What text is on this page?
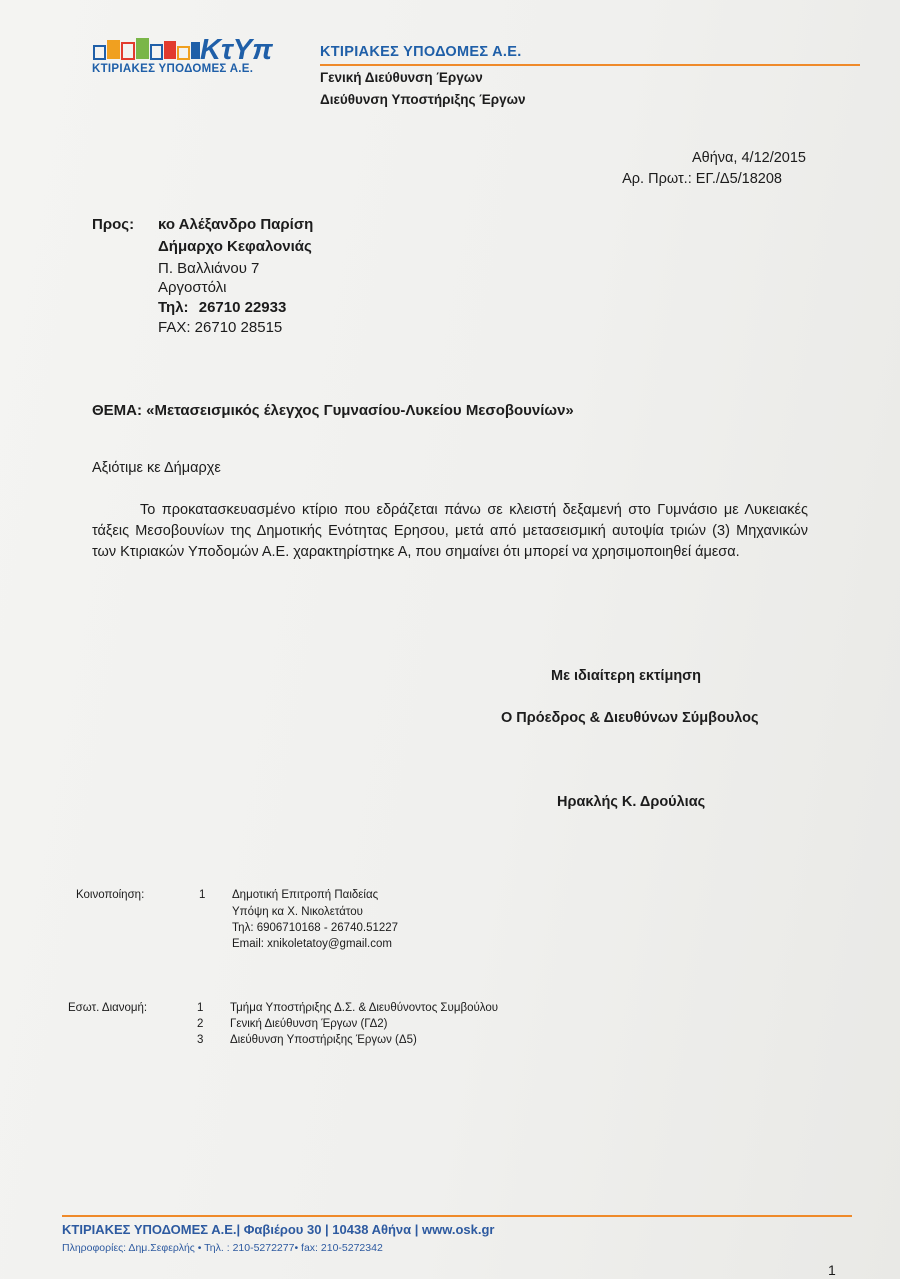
ΚτΥπ
ΚΤΙΡΙΑΚΕΣ ΥΠΟΔΟΜΕΣ Α.Ε.
ΚΤΙΡΙΑΚΕΣ ΥΠΟΔΟΜΕΣ Α.Ε.
Γενική Διεύθυνση Έργων
Διεύθυνση Υποστήριξης Έργων
Αθήνα, 4/12/2015
Αρ. Πρωτ.: ΕΓ./Δ5/18208
Προς: κο Αλέξανδρο Παρίση
Δήμαρχο Κεφαλονιάς
Π. Βαλλιάνου 7
Αργοστόλι
Τηλ: 26710 22933
FAX: 26710 28515
ΘΕΜΑ: «Μετασεισμικός έλεγχος Γυμνασίου-Λυκείου Μεσοβουνίων»
Αξιότιμε κε Δήμαρχε
Το προκατασκευασμένο κτίριο που εδράζεται πάνω σε κλειστή δεξαμενή στο Γυμνάσιο με Λυκειακές τάξεις Μεσοβουνίων της Δημοτικής Ενότητας Ερησου, μετά από μετασεισμική αυτοψία τριών (3) Μηχανικών των Κτιριακών Υποδομών Α.Ε. χαρακτηρίστηκε Α, που σημαίνει ότι μπορεί να χρησιμοποιηθεί άμεσα.
Με ιδιαίτερη εκτίμηση
Ο Πρόεδρος & Διευθύνων Σύμβουλος
Ηρακλής Κ. Δρούλιας
Κοινοποίηση:	1 Δημοτική Επιτροπή Παιδείας
Υπόψη κα Χ. Νικολετάτου
Τηλ: 6906710168 - 26740.51227
Email: xnikoletatoy@gmail.com
Εσωτ. Διανομή:	1 Τμήμα Υποστήριξης Δ.Σ. & Διευθύνοντος Συμβούλου
2 Γενική Διεύθυνση Έργων (ΓΔ2)
3 Διεύθυνση Υποστήριξης Έργων (Δ5)
ΚΤΙΡΙΑΚΕΣ ΥΠΟΔΟΜΕΣ Α.Ε.| Φαβιέρου 30 | 10438 Αθήνα | www.osk.gr
Πληροφορίες: Δημ.Σεφερλής • Τηλ. : 210-5272277• fax: 210-5272342
1
